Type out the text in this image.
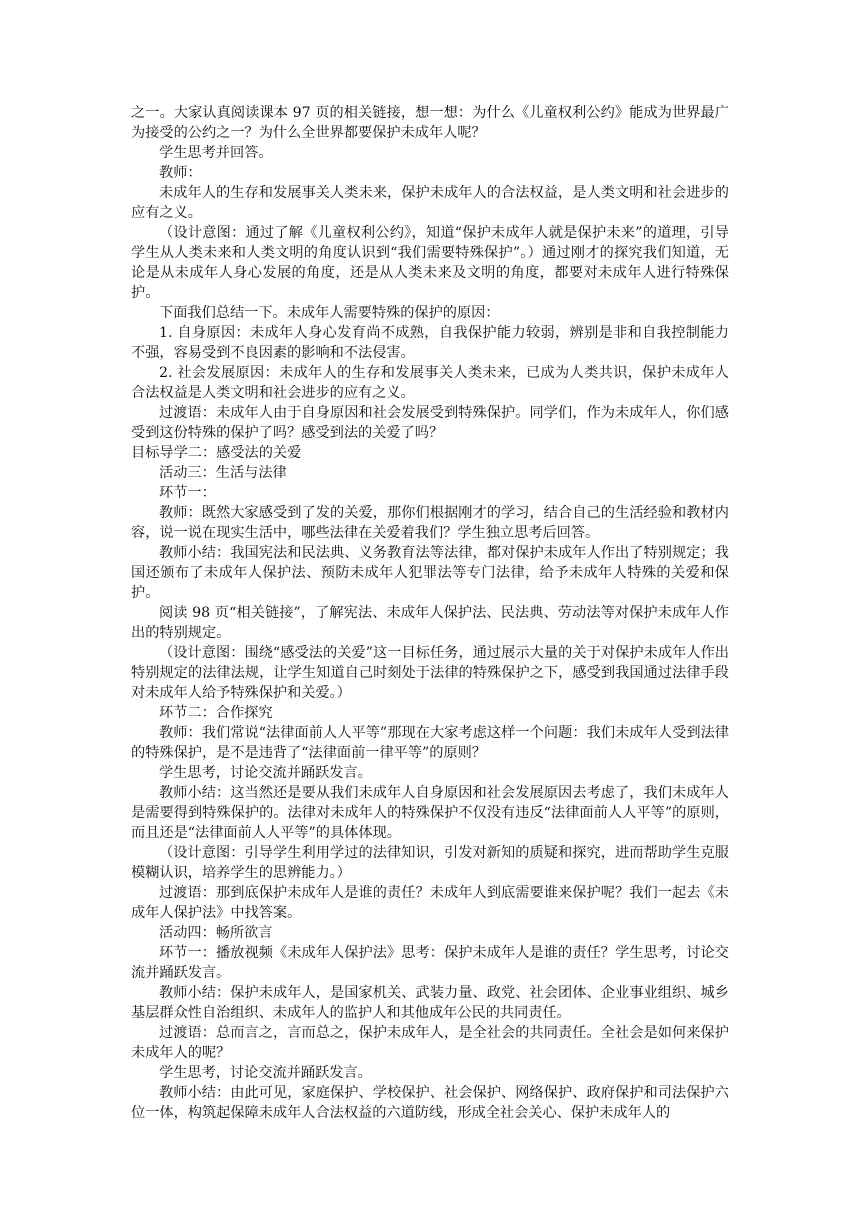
之一。大家认真阅读课本 97 页的相关链接，想一想：为什么《儿童权利公约》能成为世界最广为接受的公约之一？为什么全世界都要保护未成年人呢？

学生思考并回答。

教师：

未成年人的生存和发展事关人类未来，保护未成年人的合法权益，是人类文明和社会进步的应有之义。

（设计意图：通过了解《儿童权利公约》，知道“保护未成年人就是保护未来”的道理，引导学生从人类未来和人类文明的角度认识到“我们需要特殊保护”。）通过刚才的探究我们知道，无论是从未成年人身心发展的角度，还是从人类未来及文明的角度，都要对未成年人进行特殊保护。

下面我们总结一下。未成年人需要特殊的保护的原因：

1. 自身原因：未成年人身心发育尚不成熟，自我保护能力较弱，辨别是非和自我控制能力不强，容易受到不良因素的影响和不法侵害。

2. 社会发展原因：未成年人的生存和发展事关人类未来，已成为人类共识，保护未成年人合法权益是人类文明和社会进步的应有之义。

过渡语：未成年人由于自身原因和社会发展受到特殊保护。同学们，作为未成年人，你们感受到这份特殊的保护了吗？感受到法的关爱了吗？

目标导学二：感受法的关爱

活动三：生活与法律

环节一：

教师：既然大家感受到了发的关爱，那你们根据刚才的学习，结合自己的生活经验和教材内容，说一说在现实生活中，哪些法律在关爱着我们？学生独立思考后回答。

教师小结：我国宪法和民法典、义务教育法等法律，都对保护未成年人作出了特别规定；我国还颁布了未成年人保护法、预防未成年人犯罪法等专门法律，给予未成年人特殊的关爱和保护。

阅读 98 页“相关链接”，了解宪法、未成年人保护法、民法典、劳动法等对保护未成年人作出的特别规定。

（设计意图：围绕“感受法的关爱”这一目标任务，通过展示大量的关于对保护未成年人作出特别规定的法律法规，让学生知道自己时刻处于法律的特殊保护之下，感受到我国通过法律手段对未成年人给予特殊保护和关爱。）

环节二：合作探究

教师：我们常说“法律面前人人平等”那现在大家考虑这样一个问题：我们未成年人受到法律的特殊保护，是不是违背了“法律面前一律平等”的原则？

学生思考，讨论交流并踊跃发言。

教师小结：这当然还是要从我们未成年人自身原因和社会发展原因去考虑了，我们未成年人是需要得到特殊保护的。法律对未成年人的特殊保护不仅没有违反“法律面前人人平等”的原则，而且还是“法律面前人人平等”的具体体现。

（设计意图：引导学生利用学过的法律知识，引发对新知的质疑和探究，进而帮助学生克服模糊认识，培养学生的思辨能力。）

过渡语：那到底保护未成年人是谁的责任？未成年人到底需要谁来保护呢？我们一起去《未成年人保护法》中找答案。

活动四：畅所欲言

环节一：播放视频《未成年人保护法》思考：保护未成年人是谁的责任？学生思考，讨论交流并踊跃发言。

教师小结：保护未成年人，是国家机关、武装力量、政党、社会团体、企业事业组织、城乡基层群众性自治组织、未成年人的监护人和其他成年公民的共同责任。

过渡语：总而言之，言而总之，保护未成年人，是全社会的共同责任。全社会是如何来保护未成年人的呢？

学生思考，讨论交流并踊跃发言。

教师小结：由此可见，家庭保护、学校保护、社会保护、网络保护、政府保护和司法保护六位一体，构筑起保障未成年人合法权益的六道防线，形成全社会关心、保护未成年人的
